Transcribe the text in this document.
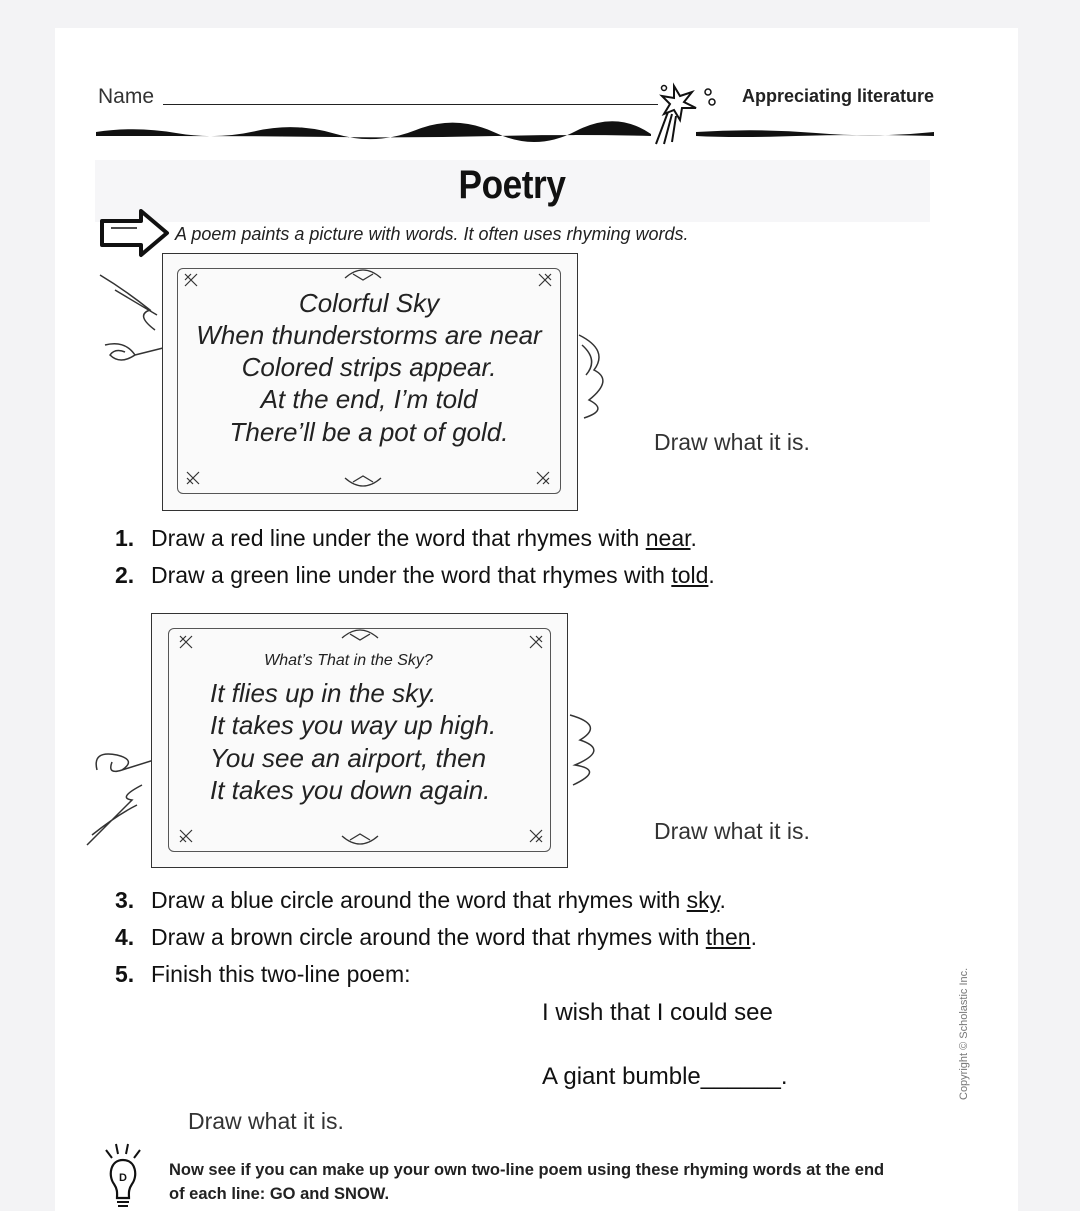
Name	Appreciating literature
Poetry
A poem paints a picture with words. It often uses rhyming words.
Colorful Sky
When thunderstorms are near
Colored strips appear.
At the end, I’m told
There’ll be a pot of gold.	Draw what it is.
1. Draw a red line under the word that rhymes with near.
2. Draw a green line under the word that rhymes with told.
What’s That in the Sky?
It flies up in the sky.
It takes you way up high.
You see an airport, then
It takes you down again.
Draw what it is.
3. Draw a blue circle around the word that rhymes with sky.
4. Draw a brown circle around the word that rhymes with then.
5. Finish this two-line poem:
I wish that I could see
A giant bumble______.
Draw what it is.
D	Now see if you can make up your own two-line poem using these rhyming words at the end of each line: GO and SNOW.
Copyright © Scholastic Inc.
